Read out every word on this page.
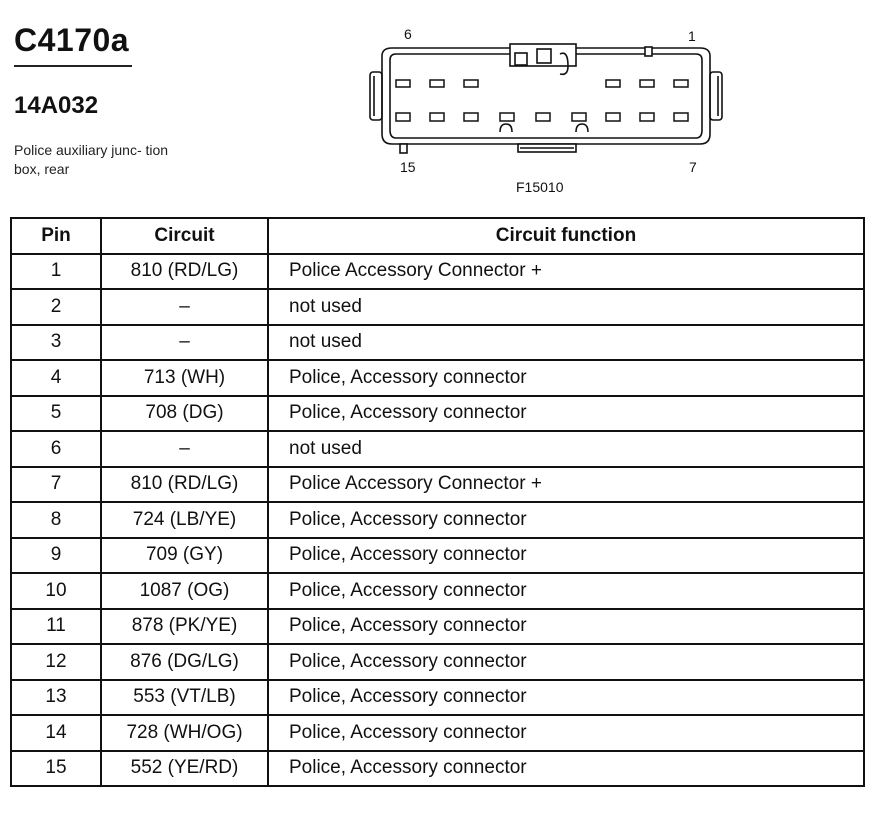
C4170a
14A032
Police auxiliary junc- tion box, rear
6	1
15	7
F15010
Pin	Circuit	Circuit function
1	810 (RD/LG)	Police Accessory Connector +
2	–	not used
3	–	not used
4	713 (WH)	Police, Accessory connector
5	708 (DG)	Police, Accessory connector
6	–	not used
7	810 (RD/LG)	Police Accessory Connector +
8	724 (LB/YE)	Police, Accessory connector
9	709 (GY)	Police, Accessory connector
10	1087 (OG)	Police, Accessory connector
11	878 (PK/YE)	Police, Accessory connector
12	876 (DG/LG)	Police, Accessory connector
13	553 (VT/LB)	Police, Accessory connector
14	728 (WH/OG)	Police, Accessory connector
15	552 (YE/RD)	Police, Accessory connector
